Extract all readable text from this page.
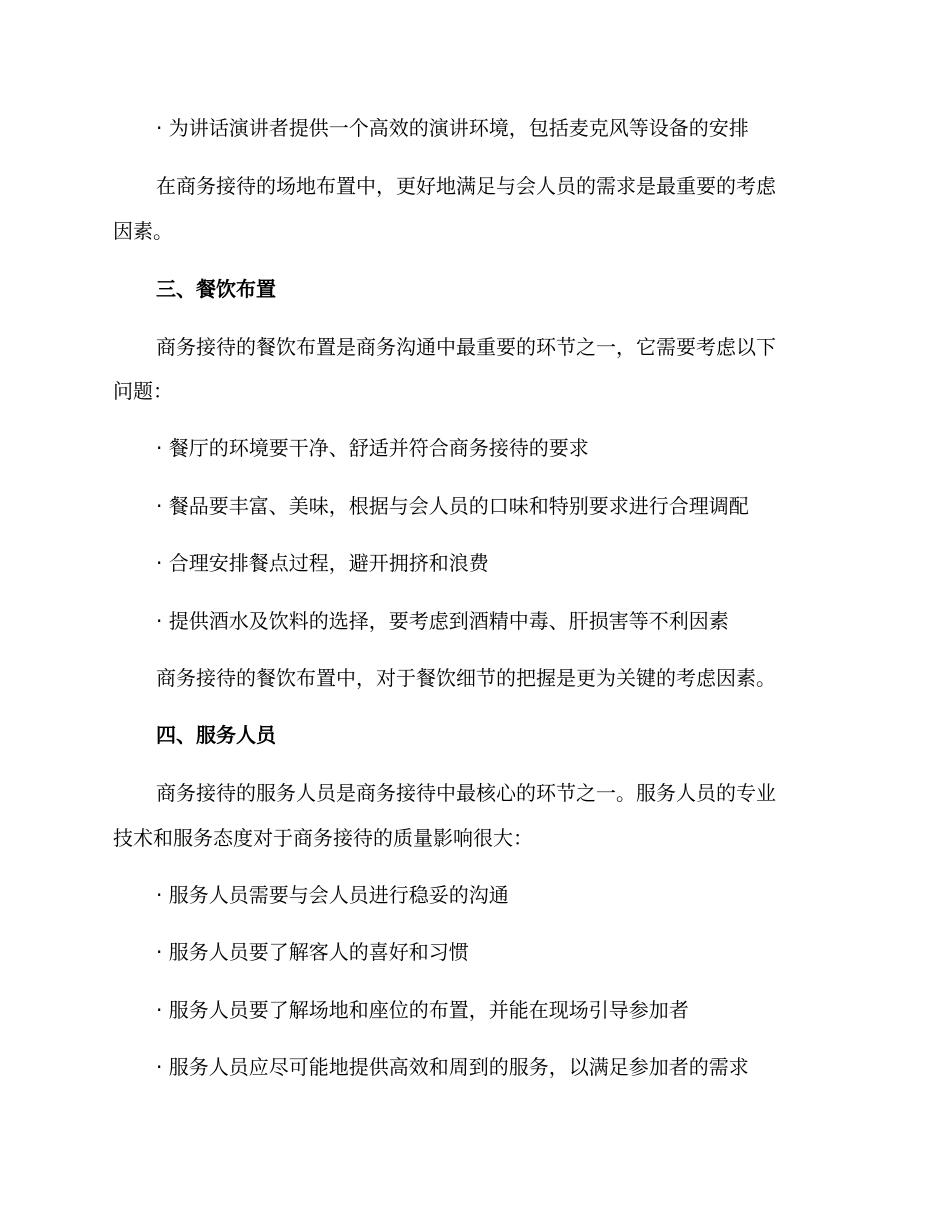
· 为讲话演讲者提供一个高效的演讲环境，包括麦克风等设备的安排
在商务接待的场地布置中，更好地满足与会人员的需求是最重要的考虑
因素。
三、餐饮布置
商务接待的餐饮布置是商务沟通中最重要的环节之一，它需要考虑以下
问题：
· 餐厅的环境要干净、舒适并符合商务接待的要求
· 餐品要丰富、美味，根据与会人员的口味和特别要求进行合理调配
· 合理安排餐点过程，避开拥挤和浪费
· 提供酒水及饮料的选择，要考虑到酒精中毒、肝损害等不利因素
商务接待的餐饮布置中，对于餐饮细节的把握是更为关键的考虑因素。
四、服务人员
商务接待的服务人员是商务接待中最核心的环节之一。服务人员的专业
技术和服务态度对于商务接待的质量影响很大：
· 服务人员需要与会人员进行稳妥的沟通
· 服务人员要了解客人的喜好和习惯
· 服务人员要了解场地和座位的布置，并能在现场引导参加者
· 服务人员应尽可能地提供高效和周到的服务，以满足参加者的需求
